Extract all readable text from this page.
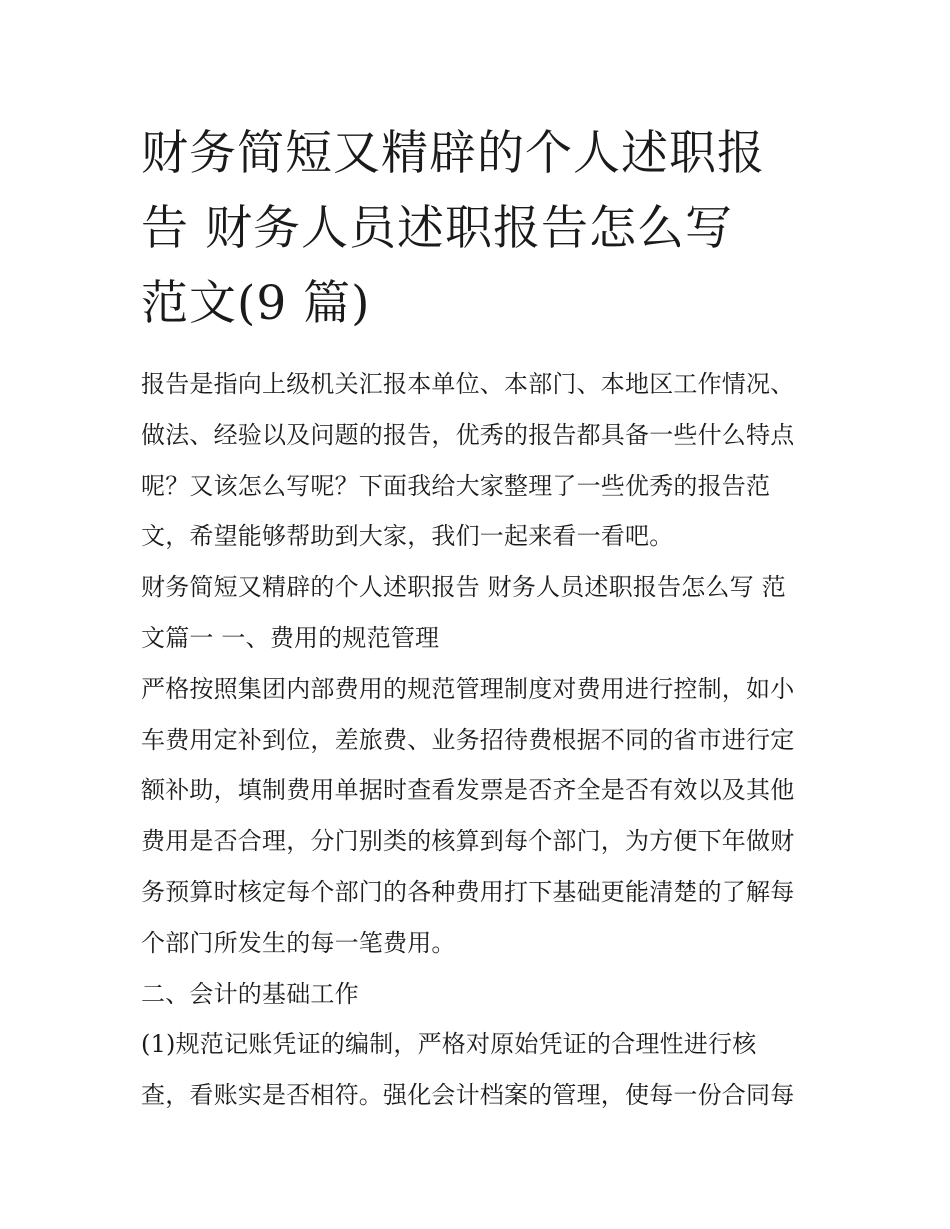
财务简短又精辟的个人述职报
告 财务人员述职报告怎么写
范文(9 篇)
报告是指向上级机关汇报本单位、本部门、本地区工作情况、
做法、经验以及问题的报告，优秀的报告都具备一些什么特点
呢？又该怎么写呢？下面我给大家整理了一些优秀的报告范
文，希望能够帮助到大家，我们一起来看一看吧。
财务简短又精辟的个人述职报告 财务人员述职报告怎么写 范
文篇一 一、费用的规范管理
严格按照集团内部费用的规范管理制度对费用进行控制，如小
车费用定补到位，差旅费、业务招待费根据不同的省市进行定
额补助，填制费用单据时查看发票是否齐全是否有效以及其他
费用是否合理，分门别类的核算到每个部门，为方便下年做财
务预算时核定每个部门的各种费用打下基础更能清楚的了解每
个部门所发生的每一笔费用。
二、会计的基础工作
(1)规范记账凭证的编制，严格对原始凭证的合理性进行核
查，看账实是否相符。强化会计档案的管理，使每一份合同每
